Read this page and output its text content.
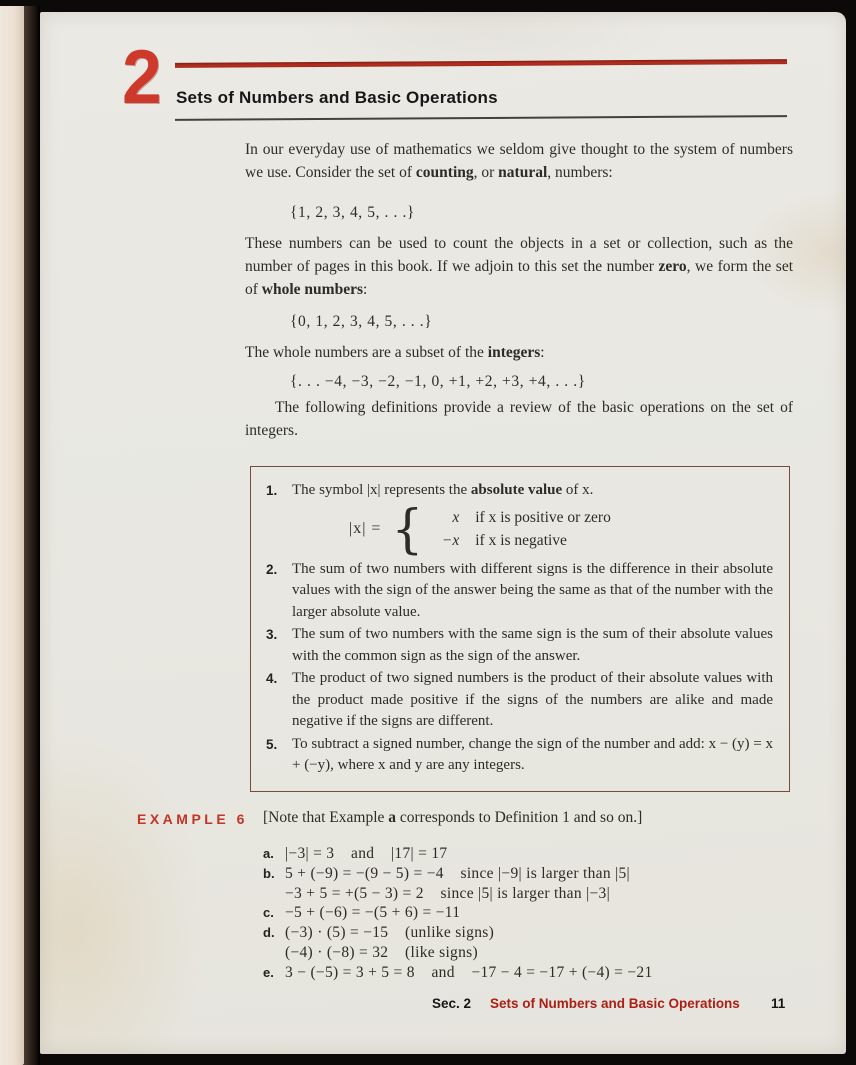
2 Sets of Numbers and Basic Operations

In our everyday use of mathematics we seldom give thought to the system of numbers we use. Consider the set of counting, or natural, numbers:

{1, 2, 3, 4, 5, . . .}

These numbers can be used to count the objects in a set or collection, such as the number of pages in this book. If we adjoin to this set the number zero, we form the set of whole numbers:

{0, 1, 2, 3, 4, 5, . . .}

The whole numbers are a subset of the integers:

{. . . −4, −3, −2, −1, 0, +1, +2, +3, +4, . . .}

The following definitions provide a review of the basic operations on the set of integers.

1. The symbol |x| represents the absolute value of x.
|x| = {	x if x is positive or zero
−x if x is negative
2. The sum of two numbers with different signs is the difference in their absolute values with the sign of the answer being the same as that of the number with the larger absolute value.
3. The sum of two numbers with the same sign is the sum of their absolute values with the common sign as the sign of the answer.
4. The product of two signed numbers is the product of their absolute values with the product made positive if the signs of the numbers are alike and made negative if the signs are different.
5. To subtract a signed number, change the sign of the number and add: x − (y) = x + (−y), where x and y are any integers.
EXAMPLE 6 [Note that Example a corresponds to Definition 1 and so on.]
a. |−3| = 3    and    |17| = 17
b. 5 + (−9) = −(9 − 5) = −4    since |−9| is larger than |5|
−3 + 5 = +(5 − 3) = 2    since |5| is larger than |−3|
c. −5 + (−6) = −(5 + 6) = −11
d. (−3) · (5) = −15    (unlike signs)
(−4) · (−8) = 32    (like signs)
e. 3 − (−5) = 3 + 5 = 8    and    −17 − 4 = −17 + (−4) = −21
Sec. 2 Sets of Numbers and Basic Operations 11
